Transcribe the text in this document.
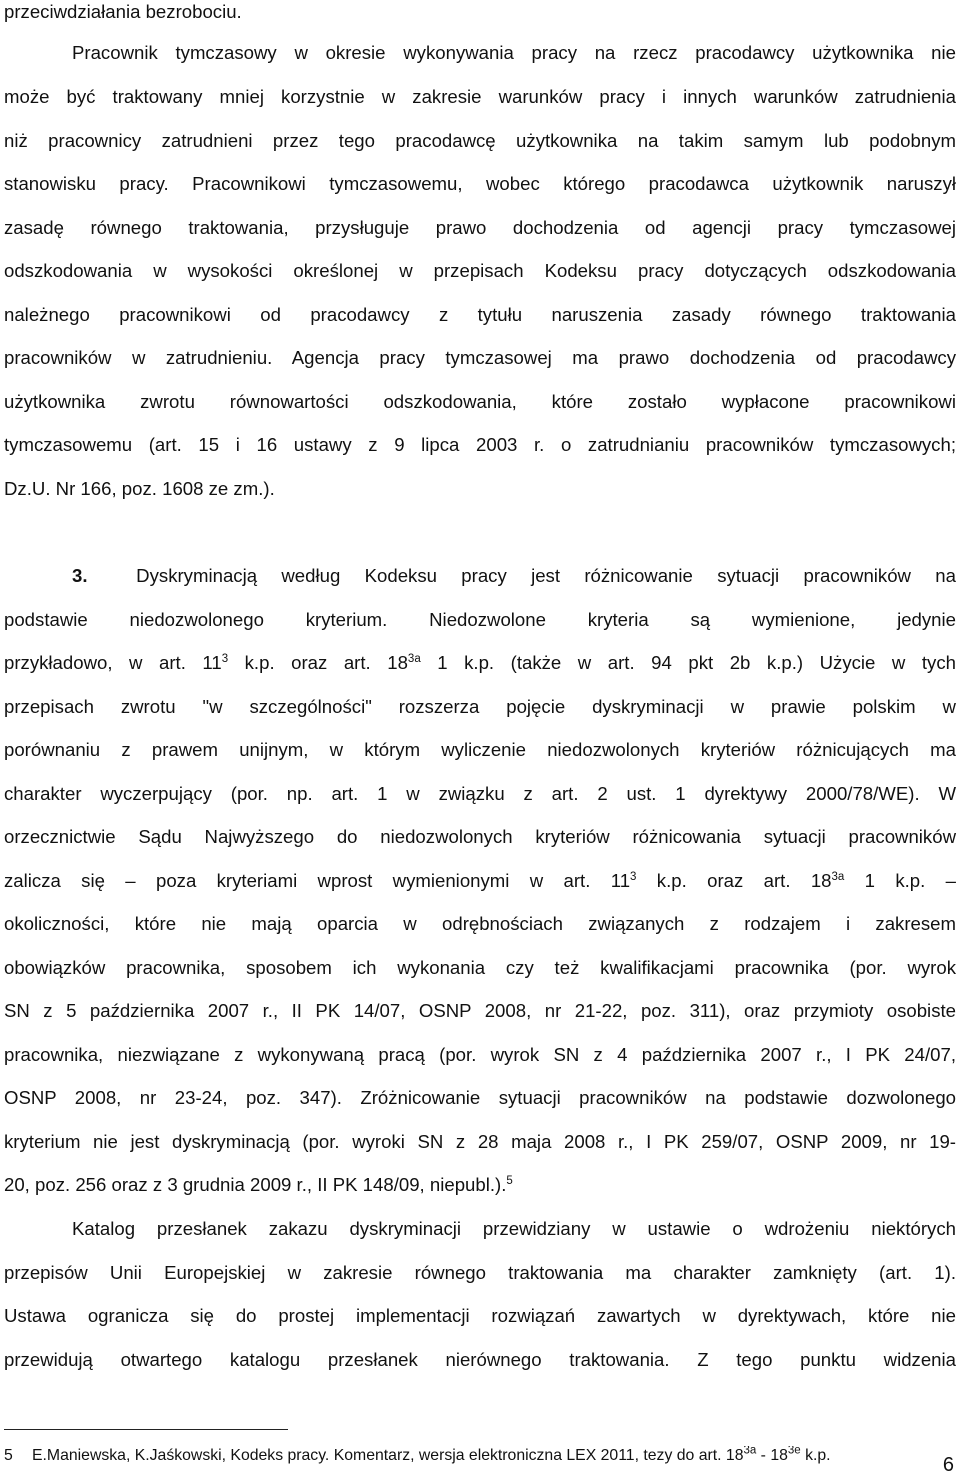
przeciwdziałania bezrobociu.

Pracownik tymczasowy w okresie wykonywania pracy na rzecz pracodawcy użytkownika nie

może być traktowany mniej korzystnie w zakresie warunków pracy i innych warunków zatrudnienia

niż pracownicy zatrudnieni przez tego pracodawcę użytkownika na takim samym lub podobnym

stanowisku pracy. Pracownikowi tymczasowemu, wobec którego pracodawca użytkownik naruszył

zasadę równego traktowania, przysługuje prawo dochodzenia od agencji pracy tymczasowej

odszkodowania w wysokości określonej w przepisach Kodeksu pracy dotyczących odszkodowania

należnego pracownikowi od pracodawcy z tytułu naruszenia zasady równego traktowania

pracowników w zatrudnieniu. Agencja pracy tymczasowej ma prawo dochodzenia od pracodawcy

użytkownika zwrotu równowartości odszkodowania, które zostało wypłacone pracownikowi

tymczasowemu (art. 15 i 16 ustawy z 9 lipca 2003 r. o zatrudnianiu pracowników tymczasowych;

Dz.U. Nr 166, poz. 1608 ze zm.).

3.	Dyskryminacją według Kodeksu pracy jest różnicowanie sytuacji pracowników na

podstawie niedozwolonego kryterium. Niedozwolone kryteria są wymienione, jedynie

przykładowo, w art. $11^3$ k.p. oraz art. $18^{3a}$ 1 k.p. (także w art. 94 pkt 2b k.p.) Użycie w tych

przepisach zwrotu "w szczególności" rozszerza pojęcie dyskryminacji w prawie polskim w

porównaniu z prawem unijnym, w którym wyliczenie niedozwolonych kryteriów różnicujących ma

charakter wyczerpujący (por. np. art. 1 w związku z art. 2 ust. 1 dyrektywy 2000/78/WE). W

orzecznictwie Sądu Najwyższego do niedozwolonych kryteriów różnicowania sytuacji pracowników

zalicza się – poza kryteriami wprost wymienionymi w art. $11^3$ k.p. oraz art. $18^{3a}$ 1 k.p. –

okoliczności, które nie mają oparcia w odrębnościach związanych z rodzajem i zakresem

obowiązków pracownika, sposobem ich wykonania czy też kwalifikacjami pracownika (por. wyrok

SN z 5 października 2007 r., II PK 14/07, OSNP 2008, nr 21-22, poz. 311), oraz przymioty osobiste

pracownika, niezwiązane z wykonywaną pracą (por. wyrok SN z 4 października 2007 r., I PK 24/07,

OSNP 2008, nr 23-24, poz. 347). Zróżnicowanie sytuacji pracowników na podstawie dozwolonego

kryterium nie jest dyskryminacją (por. wyroki SN z 28 maja 2008 r., I PK 259/07, OSNP 2009, nr 19-

20, poz. 256 oraz z 3 grudnia 2009 r., II PK 148/09, niepubl.).$^5$

Katalog przesłanek zakazu dyskryminacji przewidziany w ustawie o wdrożeniu niektórych

przepisów Unii Europejskiej w zakresie równego traktowania ma charakter zamknięty (art. 1).

Ustawa ogranicza się do prostej implementacji rozwiązań zawartych w dyrektywach, które nie

przewidują otwartego katalogu przesłanek nierównego traktowania. Z tego punktu widzenia

5 E.Maniewska, K.Jaśkowski, Kodeks pracy. Komentarz, wersja elektroniczna LEX 2011, tezy do art. $18^{3a} - 18^{3e}$ k.p.	6
